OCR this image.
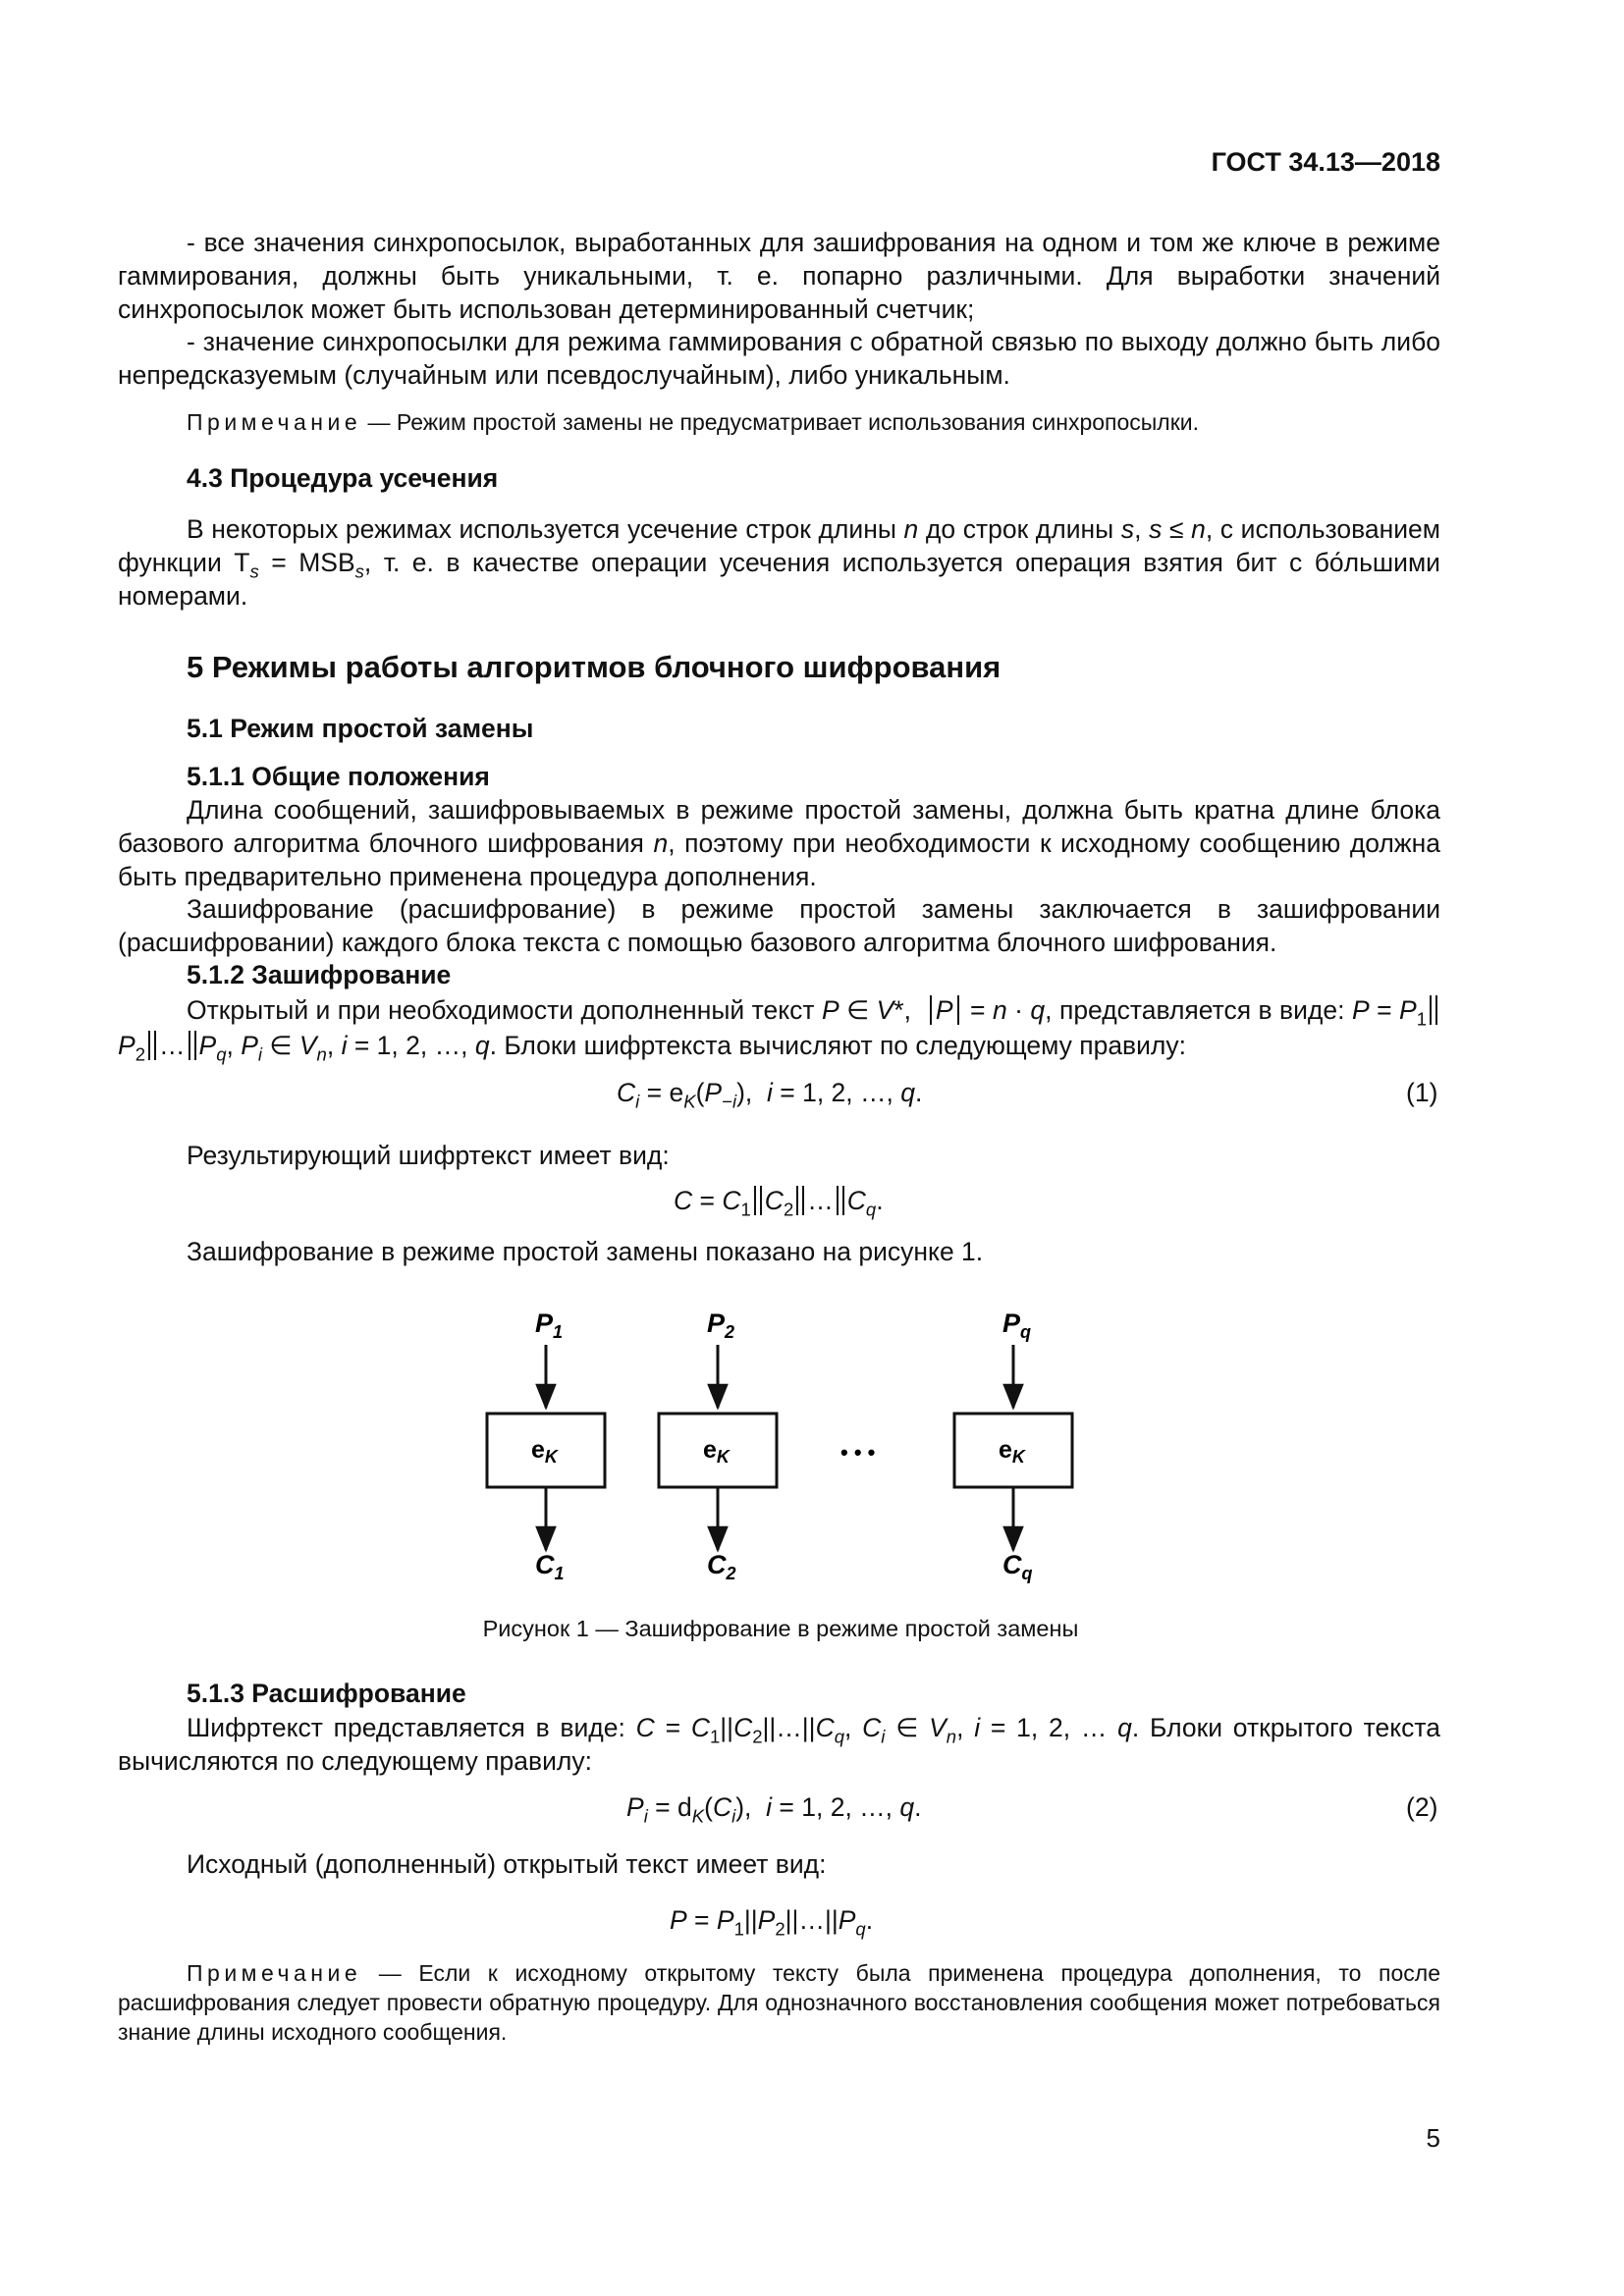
ГОСТ 34.13—2018
- все значения синхропосылок, выработанных для зашифрования на одном и том же ключе в режиме гаммирования, должны быть уникальными, т. е. попарно различными. Для выработки значений синхропосылок может быть использован детерминированный счетчик;
- значение синхропосылки для режима гаммирования с обратной связью по выходу должно быть либо непредсказуемым (случайным или псевдослучайным), либо уникальным.
Примечание — Режим простой замены не предусматривает использования синхропосылки.
4.3 Процедура усечения
В некоторых режимах используется усечение строк длины n до строк длины s, s ≤ n, с использованием функции $T_s = MSB_s$, т. е. в качестве операции усечения используется операция взятия бит с бо́льшими номерами.
5 Режимы работы алгоритмов блочного шифрования
5.1 Режим простой замены
5.1.1 Общие положения
Длина сообщений, зашифровываемых в режиме простой замены, должна быть кратна длине блока базового алгоритма блочного шифрования n, поэтому при необходимости к исходному сообщению должна быть предварительно применена процедура дополнения.
Зашифрование (расшифрование) в режиме простой замены заключается в зашифровании (расшифровании) каждого блока текста с помощью базового алгоритма блочного шифрования.
5.1.2 Зашифрование
Открытый и при необходимости дополненный текст P ∈ V*,  P = n · q, представляется в виде: $P = P_1P_2$ … $P_q$, $P_i$ ∈ $V_n$, i = 1, 2, …, q. Блоки шифртекста вычисляют по следующему правилу:
$C_i = e_K(P_{-i})$,  i = 1, 2, …, q.	(1)
Результирующий шифртекст имеет вид:
$C = C_1$ $C_2$ … $C_q$.
Зашифрование в режиме простой замены показано на рисунке 1.
$P_1$
$e_K$
$C_1$
$P_2$
$e_K$
$C_2$
• • •
$P_q$
$e_K$
$C_q$
Рисунок 1 — Зашифрование в режиме простой замены
5.1.3 Расшифрование
Шифртекст представляется в виде: $C = C_1||C_2||\dots||C_q$, $C_i$ ∈ $V_n$, i = 1, 2, … q. Блоки открытого текста вычисляются по следующему правилу:
$P_i = d_K(C_i)$,  i = 1, 2, …, q.	(2)
Исходный (дополненный) открытый текст имеет вид:
$P = P_1||P_2||\dots||P_q$.
Примечание — Если к исходному открытому тексту была применена процедура дополнения, то после расшифрования следует провести обратную процедуру. Для однозначного восстановления сообщения может потребоваться знание длины исходного сообщения.
5
